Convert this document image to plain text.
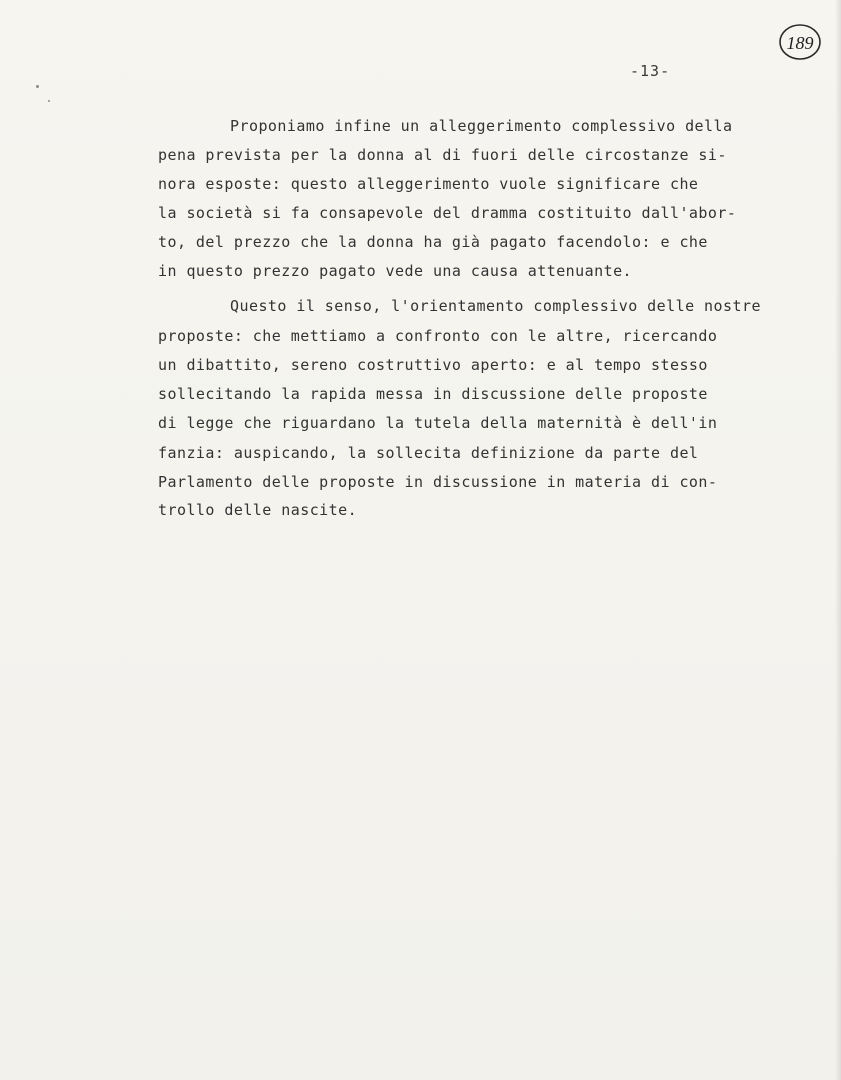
189
-13-
Proponiamo infine un alleggerimento complessivo della
pena prevista per la donna al di fuori delle circostanze si-
nora esposte: questo alleggerimento vuole significare che
la società si fa consapevole del dramma costituito dall'abor-
to, del prezzo che la donna ha già pagato facendolo: e che
in questo prezzo pagato vede una causa attenuante.
Questo il senso, l'orientamento complessivo delle nostre
proposte: che mettiamo a confronto con le altre, ricercando
un dibattito, sereno costruttivo aperto: e al tempo stesso
sollecitando la rapida messa in discussione delle proposte
di legge che riguardano la tutela della maternità è dell'in
fanzia: auspicando, la sollecita definizione da parte del
Parlamento delle proposte in discussione in materia di con-
trollo delle nascite.
